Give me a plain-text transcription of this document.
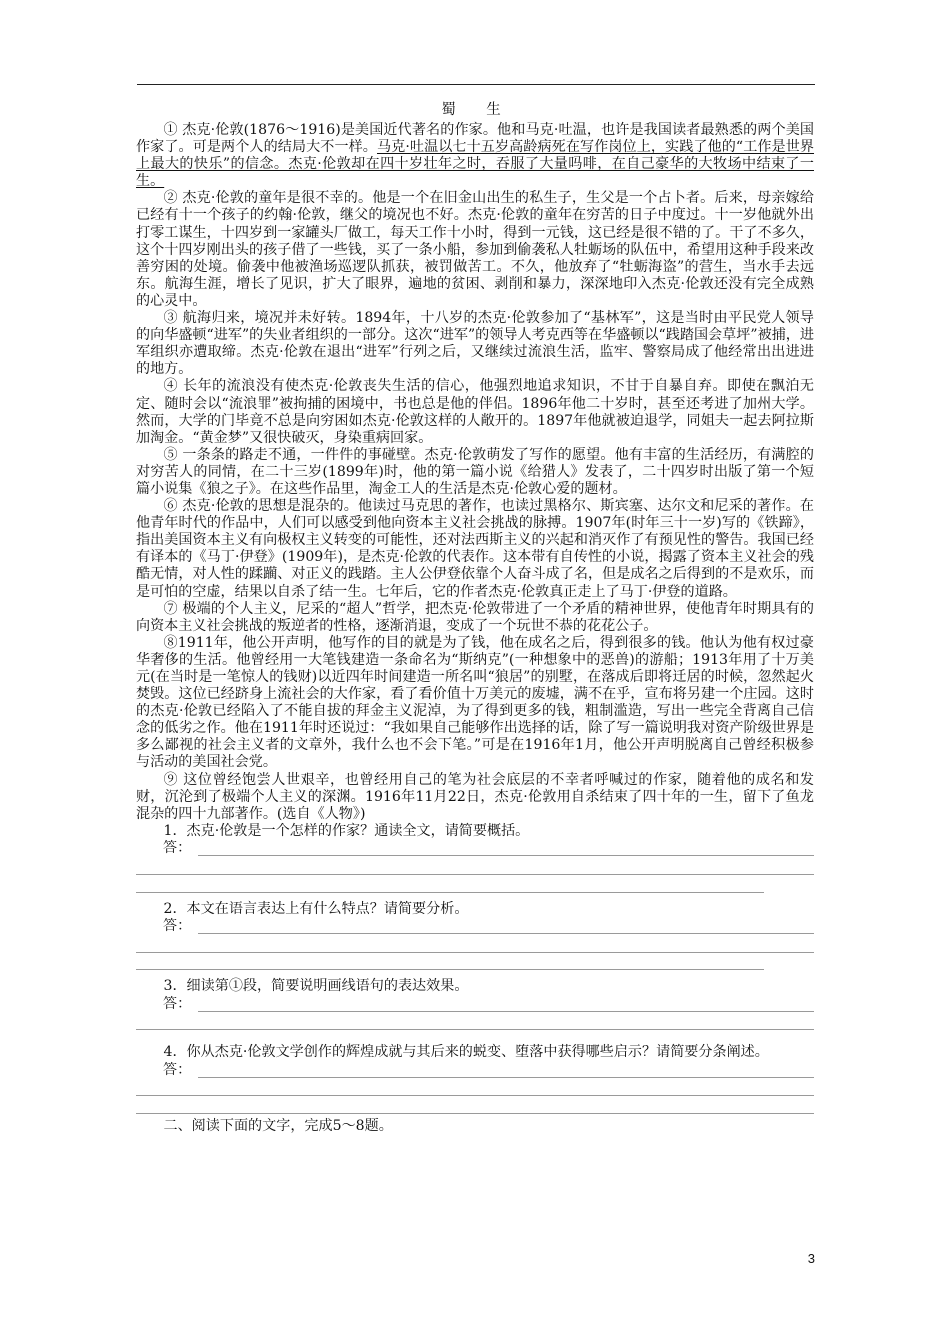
蜀　生

① 杰克·伦敦(1876～1916)是美国近代著名的作家。他和马克·吐温，也许是我国读者最熟悉的两个美国作家了。可是两个人的结局大不一样。马克·吐温以七十五岁高龄病死在写作岗位上，实践了他的“工作是世界上最大的快乐”的信念。杰克·伦敦却在四十岁壮年之时，吞服了大量吗啡，在自己豪华的大牧场中结束了一生。

② 杰克·伦敦的童年是很不幸的。他是一个在旧金山出生的私生子，生父是一个占卜者。后来，母亲嫁给已经有十一个孩子的约翰·伦敦，继父的境况也不好。杰克·伦敦的童年在穷苦的日子中度过。十一岁他就外出打零工谋生，十四岁到一家罐头厂做工，每天工作十小时，得到一元钱，这已经是很不错的了。干了不多久，这个十四岁刚出头的孩子借了一些钱，买了一条小船，参加到偷袭私人牡蛎场的队伍中，希望用这种手段来改善穷困的处境。偷袭中他被渔场巡逻队抓获，被罚做苦工。不久，他放弃了“牡蛎海盗”的营生，当水手去远东。航海生涯，增长了见识，扩大了眼界，遍地的贫困、剥削和暴力，深深地印入杰克·伦敦还没有完全成熟的心灵中。

③ 航海归来，境况并未好转。1894年，十八岁的杰克·伦敦参加了“基林军”，这是当时由平民党人领导的向华盛顿“进军”的失业者组织的一部分。这次“进军”的领导人考克西等在华盛顿以“践踏国会草坪”被捕，进军组织亦遭取缔。杰克·伦敦在退出“进军”行列之后，又继续过流浪生活，监牢、警察局成了他经常出出进进的地方。

④ 长年的流浪没有使杰克·伦敦丧失生活的信心，他强烈地追求知识，不甘于自暴自弃。即使在飘泊无定、随时会以“流浪罪”被拘捕的困境中，书也总是他的伴侣。1896年他二十岁时，甚至还考进了加州大学。然而，大学的门毕竟不总是向穷困如杰克·伦敦这样的人敞开的。1897年他就被迫退学，同姐夫一起去阿拉斯加淘金。“黄金梦”又很快破灭，身染重病回家。

⑤ 一条条的路走不通，一件件的事碰壁。杰克·伦敦萌发了写作的愿望。他有丰富的生活经历，有满腔的对穷苦人的同情，在二十三岁(1899年)时，他的第一篇小说《给猎人》发表了，二十四岁时出版了第一个短篇小说集《狼之子》。在这些作品里，淘金工人的生活是杰克·伦敦心爱的题材。

⑥ 杰克·伦敦的思想是混杂的。他读过马克思的著作，也读过黑格尔、斯宾塞、达尔文和尼采的著作。在他青年时代的作品中，人们可以感受到他向资本主义社会挑战的脉搏。1907年(时年三十一岁)写的《铁蹄》，指出美国资本主义有向极权主义转变的可能性，还对法西斯主义的兴起和消灭作了有预见性的警告。我国已经有译本的《马丁·伊登》(1909年)，是杰克·伦敦的代表作。这本带有自传性的小说，揭露了资本主义社会的残酷无情，对人性的蹂躏、对正义的践踏。主人公伊登依靠个人奋斗成了名，但是成名之后得到的不是欢乐，而是可怕的空虚，结果以自杀了结一生。七年后，它的作者杰克·伦敦真正走上了马丁·伊登的道路。

⑦ 极端的个人主义，尼采的“超人”哲学，把杰克·伦敦带进了一个矛盾的精神世界，使他青年时期具有的向资本主义社会挑战的叛逆者的性格，逐渐消退，变成了一个玩世不恭的花花公子。

⑧1911年，他公开声明，他写作的目的就是为了钱，他在成名之后，得到很多的钱。他认为他有权过豪华奢侈的生活。他曾经用一大笔钱建造一条命名为“斯纳克”(一种想象中的恶兽)的游船；1913年用了十万美元(在当时是一笔惊人的钱财)以近四年时间建造一所名叫“狼居”的别墅，在落成后即将迁居的时候，忽然起火焚毁。这位已经跻身上流社会的大作家，看了看价值十万美元的废墟，满不在乎，宣布将另建一个庄园。这时的杰克·伦敦已经陷入了不能自拔的拜金主义泥淖，为了得到更多的钱，粗制滥造，写出一些完全背离自己信念的低劣之作。他在1911年时还说过：“我如果自己能够作出选择的话，除了写一篇说明我对资产阶级世界是多么鄙视的社会主义者的文章外，我什么也不会下笔。”可是在1916年1月，他公开声明脱离自己曾经积极参与活动的美国社会党。

⑨ 这位曾经饱尝人世艰辛，也曾经用自己的笔为社会底层的不幸者呼喊过的作家，随着他的成名和发财，沉沦到了极端个人主义的深渊。1916年11月22日，杰克·伦敦用自杀结束了四十年的一生，留下了鱼龙混杂的四十九部著作。(选自《人物》)

1．杰克·伦敦是一个怎样的作家？通读全文，请简要概括。

答：

2．本文在语言表达上有什么特点？请简要分析。

答：

3．细读第①段，简要说明画线语句的表达效果。

答：

4．你从杰克·伦敦文学创作的辉煌成就与其后来的蜕变、堕落中获得哪些启示？请简要分条阐述。

答：

二、阅读下面的文字，完成5～8题。

3
